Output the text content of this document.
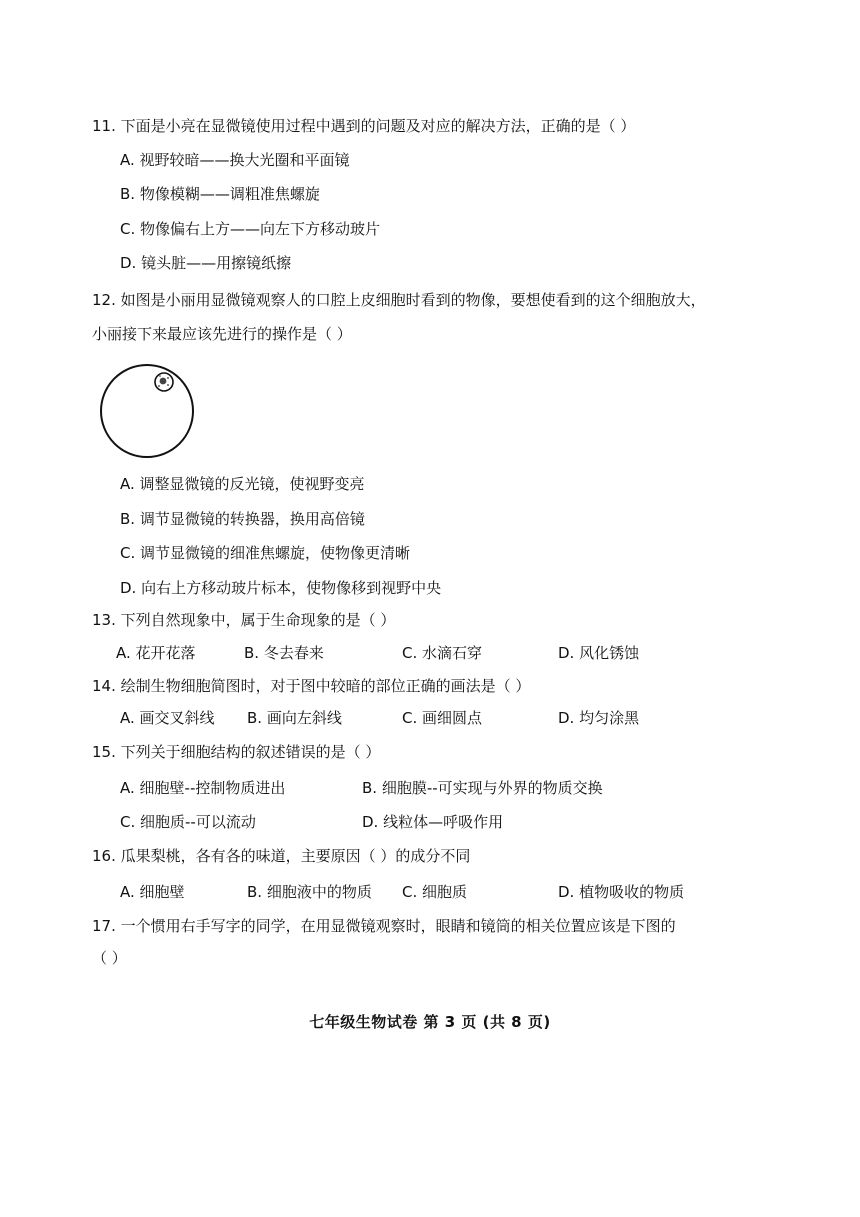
11. 下面是小亮在显微镜使用过程中遇到的问题及对应的解决方法，正确的是（ ）
A. 视野较暗——换大光圈和平面镜
B. 物像模糊——调粗准焦螺旋
C. 物像偏右上方——向左下方移动玻片
D. 镜头脏——用擦镜纸擦
12. 如图是小丽用显微镜观察人的口腔上皮细胞时看到的物像，要想使看到的这个细胞放大，
小丽接下来最应该先进行的操作是（ ）
A. 调整显微镜的反光镜，使视野变亮
B. 调节显微镜的转换器，换用高倍镜
C. 调节显微镜的细准焦螺旋，使物像更清晰
D. 向右上方移动玻片标本，使物像移到视野中央
13. 下列自然现象中，属于生命现象的是（ ）
A. 花开花落	B. 冬去春来	C. 水滴石穿	D. 风化锈蚀
14. 绘制生物细胞简图时，对于图中较暗的部位正确的画法是（ ）
A. 画交叉斜线 B. 画向左斜线	C. 画细圆点	D. 均匀涂黑
15. 下列关于细胞结构的叙述错误的是（ ）
A. 细胞壁--控制物质进出	B. 细胞膜--可实现与外界的物质交换
C. 细胞质--可以流动	D. 线粒体—呼吸作用
16. 瓜果梨桃，各有各的味道，主要原因（ ）的成分不同
A. 细胞壁	B. 细胞液中的物质 C. 细胞质	D. 植物吸收的物质
17. 一个惯用右手写字的同学，在用显微镜观察时，眼睛和镜筒的相关位置应该是下图的
（ ）
七年级生物试卷 第 3 页 (共 8 页)
